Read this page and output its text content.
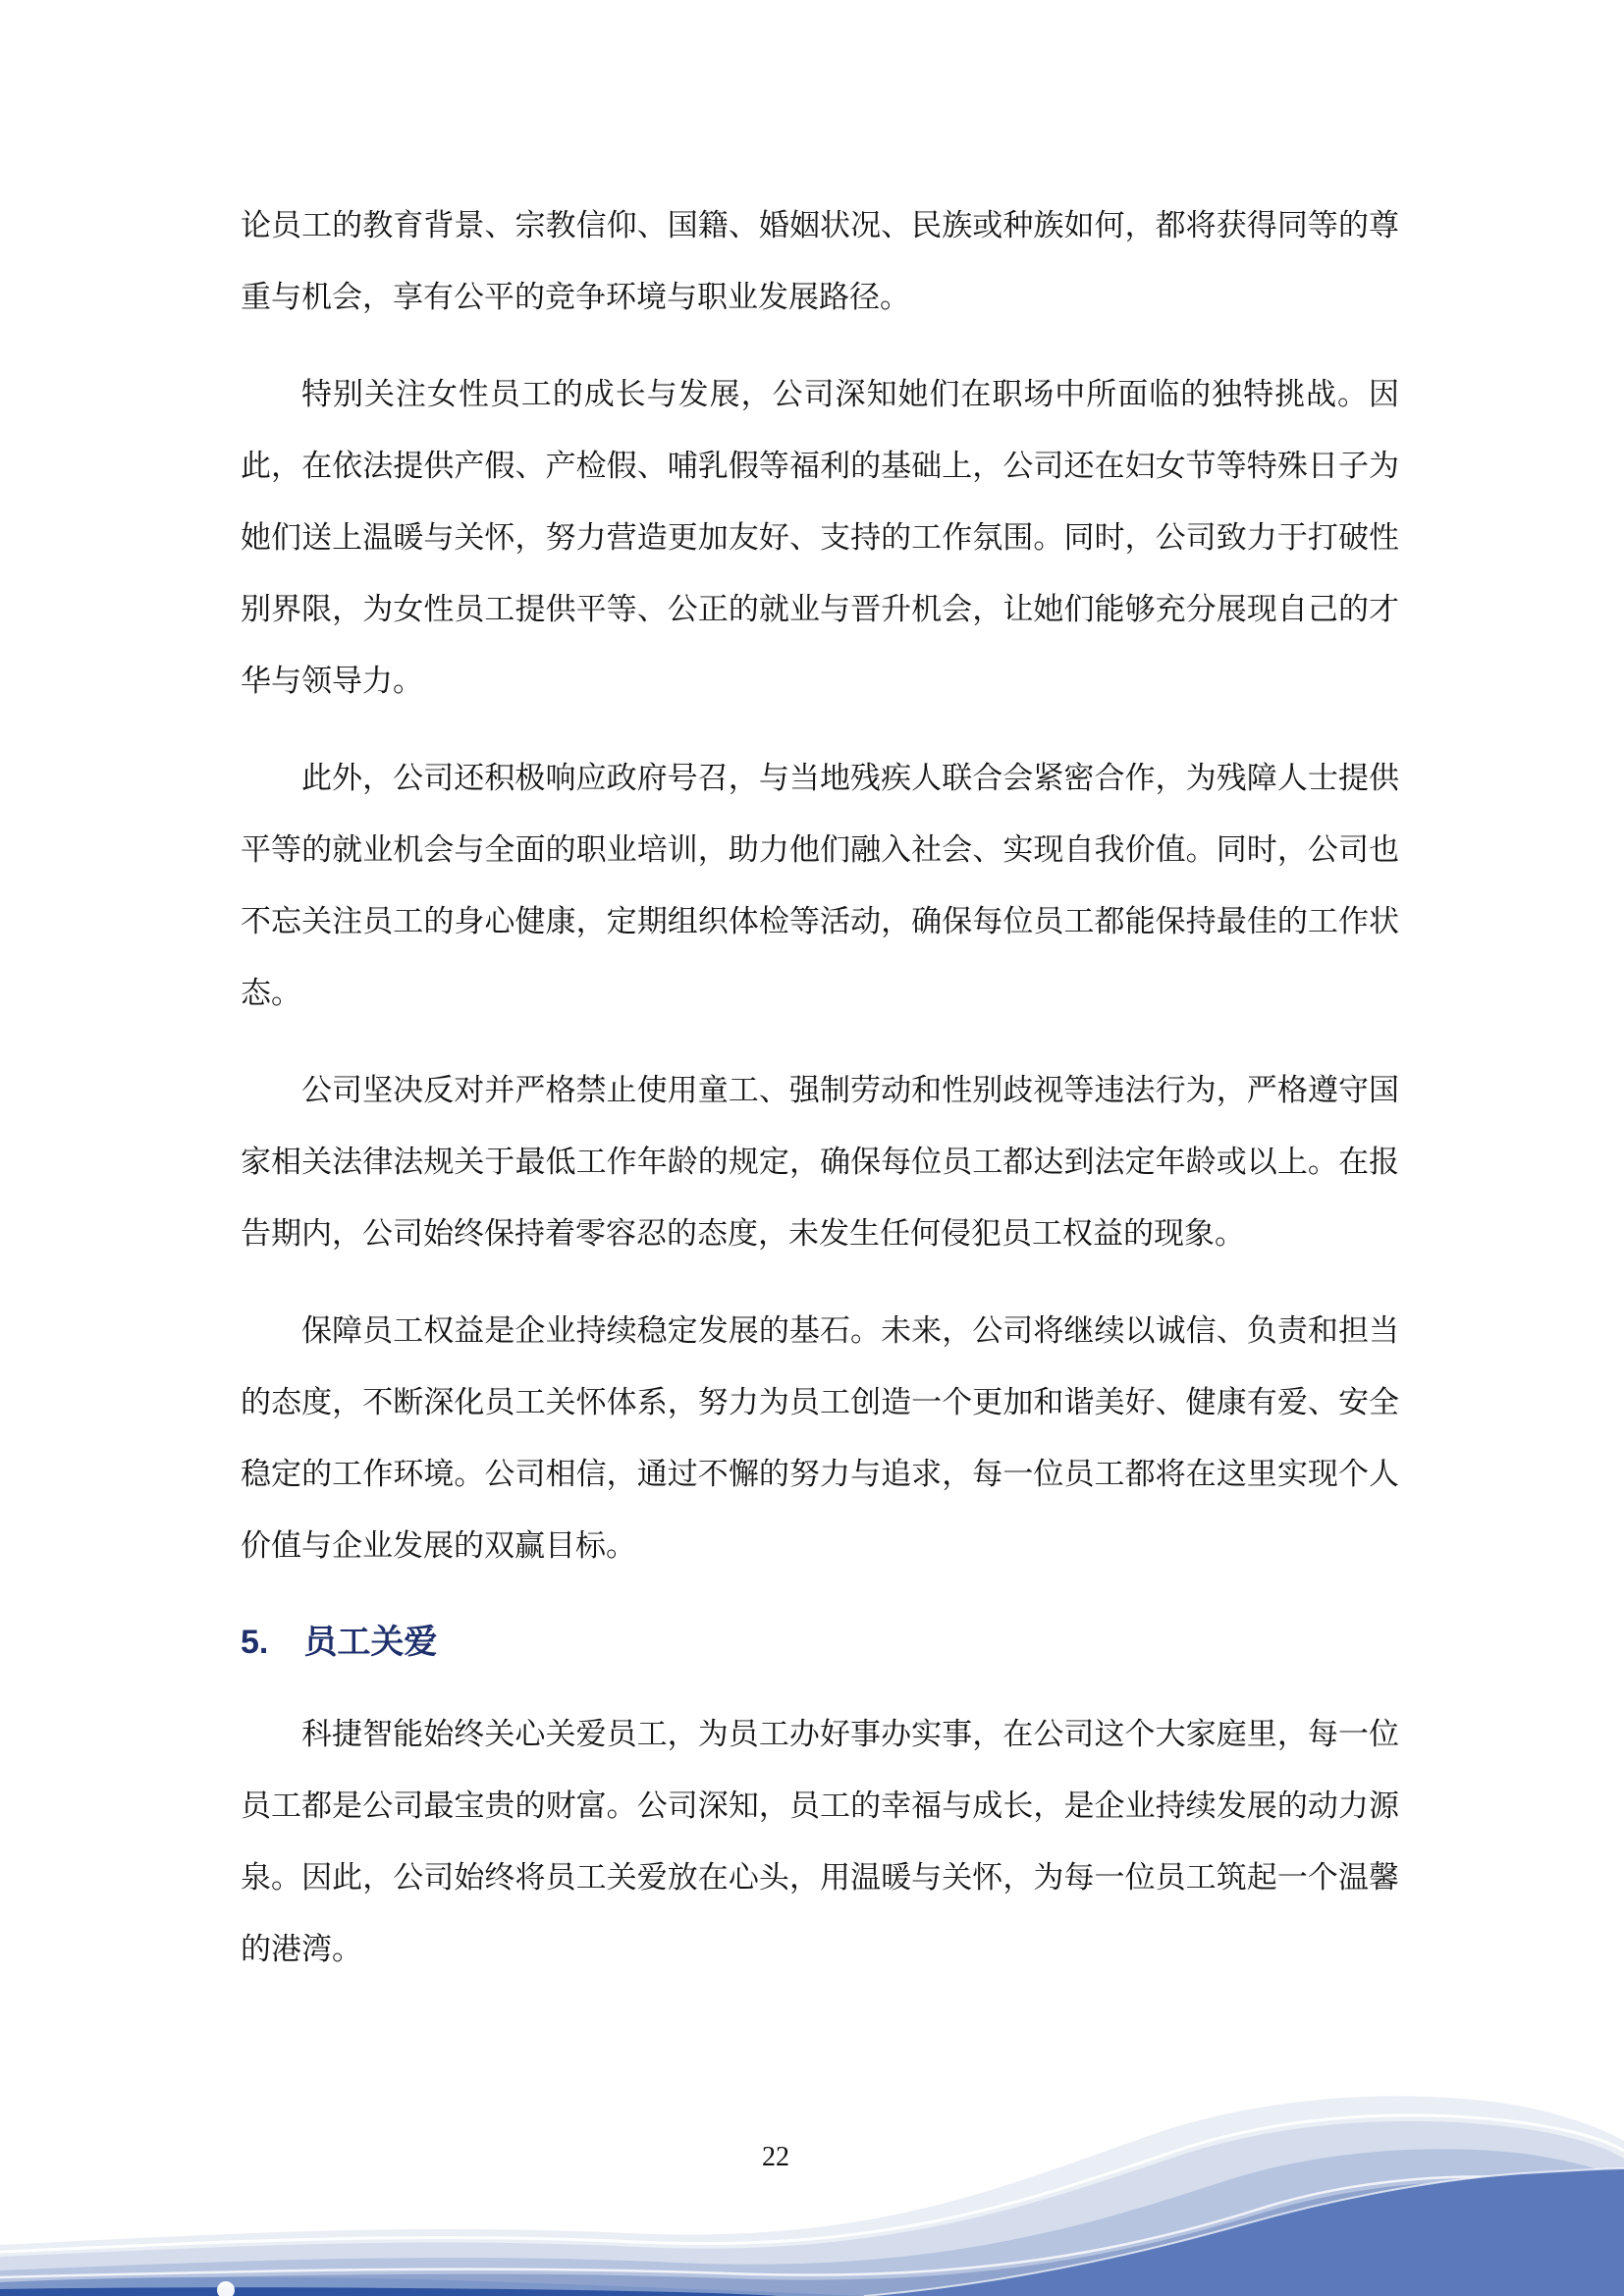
论员工的教育背景、宗教信仰、国籍、婚姻状况、民族或种族如何，都将获得同等的尊重与机会，享有公平的竞争环境与职业发展路径。

特别关注女性员工的成长与发展，公司深知她们在职场中所面临的独特挑战。因此，在依法提供产假、产检假、哺乳假等福利的基础上，公司还在妇女节等特殊日子为她们送上温暖与关怀，努力营造更加友好、支持的工作氛围。同时，公司致力于打破性别界限，为女性员工提供平等、公正的就业与晋升机会，让她们能够充分展现自己的才华与领导力。

此外，公司还积极响应政府号召，与当地残疾人联合会紧密合作，为残障人士提供平等的就业机会与全面的职业培训，助力他们融入社会、实现自我价值。同时，公司也不忘关注员工的身心健康，定期组织体检等活动，确保每位员工都能保持最佳的工作状态。

公司坚决反对并严格禁止使用童工、强制劳动和性别歧视等违法行为，严格遵守国家相关法律法规关于最低工作年龄的规定，确保每位员工都达到法定年龄或以上。在报告期内，公司始终保持着零容忍的态度，未发生任何侵犯员工权益的现象。

保障员工权益是企业持续稳定发展的基石。未来，公司将继续以诚信、负责和担当的态度，不断深化员工关怀体系，努力为员工创造一个更加和谐美好、健康有爱、安全稳定的工作环境。公司相信，通过不懈的努力与追求，每一位员工都将在这里实现个人价值与企业发展的双赢目标。

5. 员工关爱

科捷智能始终关心关爱员工，为员工办好事办实事，在公司这个大家庭里，每一位员工都是公司最宝贵的财富。公司深知，员工的幸福与成长，是企业持续发展的动力源泉。因此，公司始终将员工关爱放在心头，用温暖与关怀，为每一位员工筑起一个温馨的港湾。

22
